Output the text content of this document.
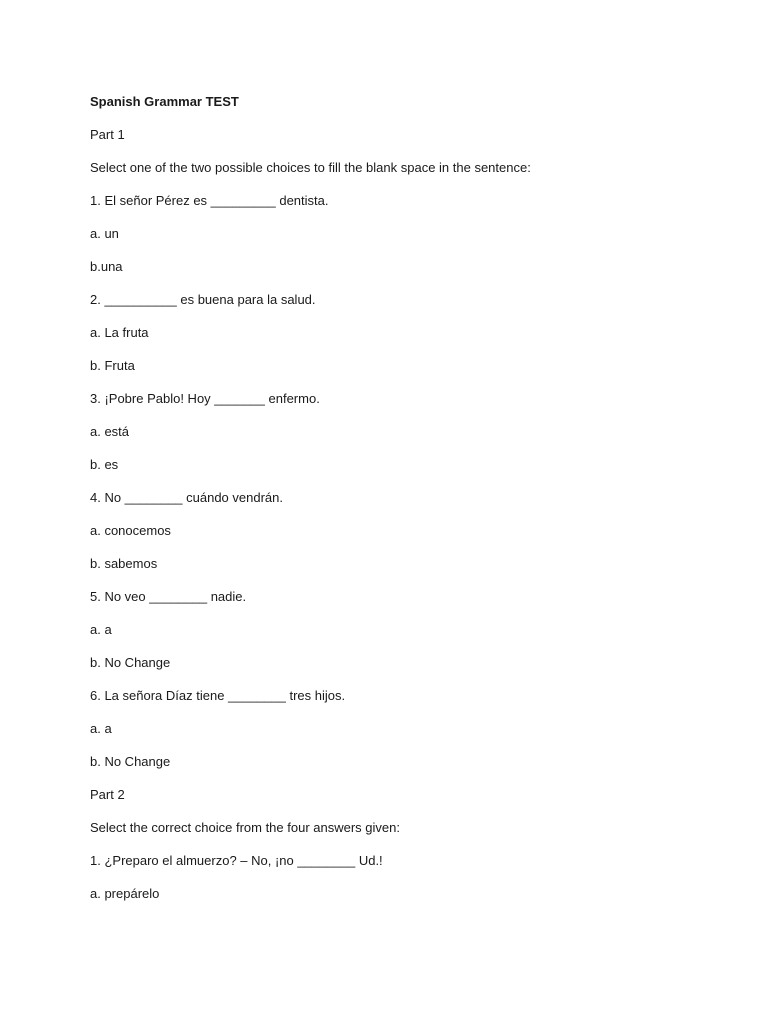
Spanish Grammar TEST
Part 1
Select one of the two possible choices to fill the blank space in the sentence:
1. El señor Pérez es _________ dentista.
a. un
b.una
2. __________ es buena para la salud.
a. La fruta
b. Fruta
3. ¡Pobre Pablo! Hoy _______ enfermo.
a. está
b. es
4. No ________ cuándo vendrán.
a. conocemos
b. sabemos
5. No veo ________ nadie.
a. a
b. No Change
6. La señora Díaz tiene ________ tres hijos.
a. a
b. No Change
Part 2
Select the correct choice from the four answers given:
1. ¿Preparo el almuerzo? – No, ¡no ________ Ud.!
a. prepárelo
